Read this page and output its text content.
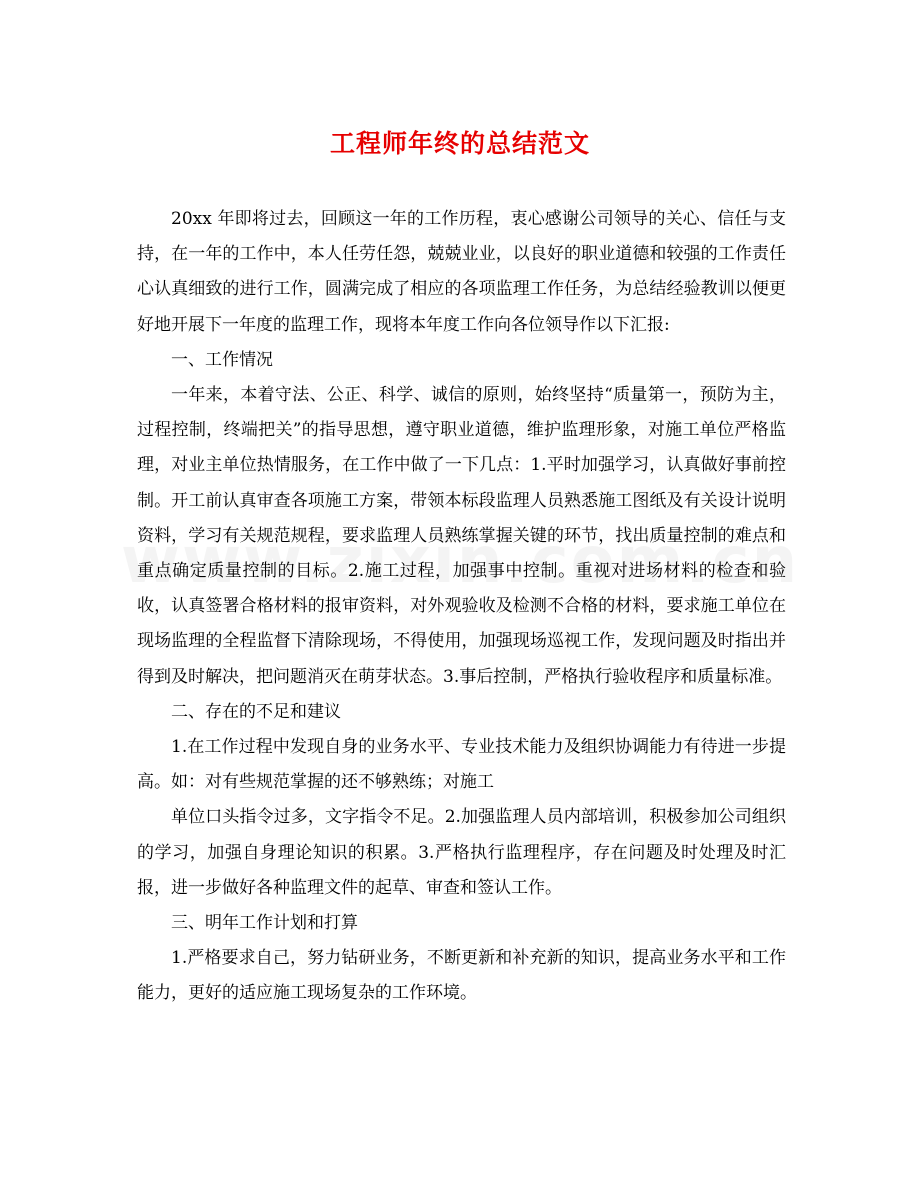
工程师年终的总结范文

20xx 年即将过去，回顾这一年的工作历程，衷心感谢公司领导的关心、信任与支持，在一年的工作中，本人任劳任怨，兢兢业业，以良好的职业道德和较强的工作责任心认真细致的进行工作，圆满完成了相应的各项监理工作任务，为总结经验教训以便更好地开展下一年度的监理工作，现将本年度工作向各位领导作以下汇报:

一、工作情况

一年来，本着守法、公正、科学、诚信的原则，始终坚持“质量第一，预防为主，过程控制，终端把关”的指导思想，遵守职业道德，维护监理形象，对施工单位严格监理，对业主单位热情服务，在工作中做了一下几点：1.平时加强学习，认真做好事前控制。开工前认真审查各项施工方案，带领本标段监理人员熟悉施工图纸及有关设计说明资料，学习有关规范规程，要求监理人员熟练掌握关键的环节，找出质量控制的难点和重点确定质量控制的目标。2.施工过程，加强事中控制。重视对进场材料的检查和验收，认真签署合格材料的报审资料，对外观验收及检测不合格的材料，要求施工单位在现场监理的全程监督下清除现场，不得使用，加强现场巡视工作，发现问题及时指出并得到及时解决，把问题消灭在萌芽状态。3.事后控制，严格执行验收程序和质量标准。

二、存在的不足和建议

1.在工作过程中发现自身的业务水平、专业技术能力及组织协调能力有待进一步提高。如：对有些规范掌握的还不够熟练；对施工

单位口头指令过多，文字指令不足。2.加强监理人员内部培训，积极参加公司组织的学习，加强自身理论知识的积累。3.严格执行监理程序，存在问题及时处理及时汇报，进一步做好各种监理文件的起草、审查和签认工作。

三、明年工作计划和打算

1.严格要求自己，努力钻研业务，不断更新和补充新的知识，提高业务水平和工作能力，更好的适应施工现场复杂的工作环境。
